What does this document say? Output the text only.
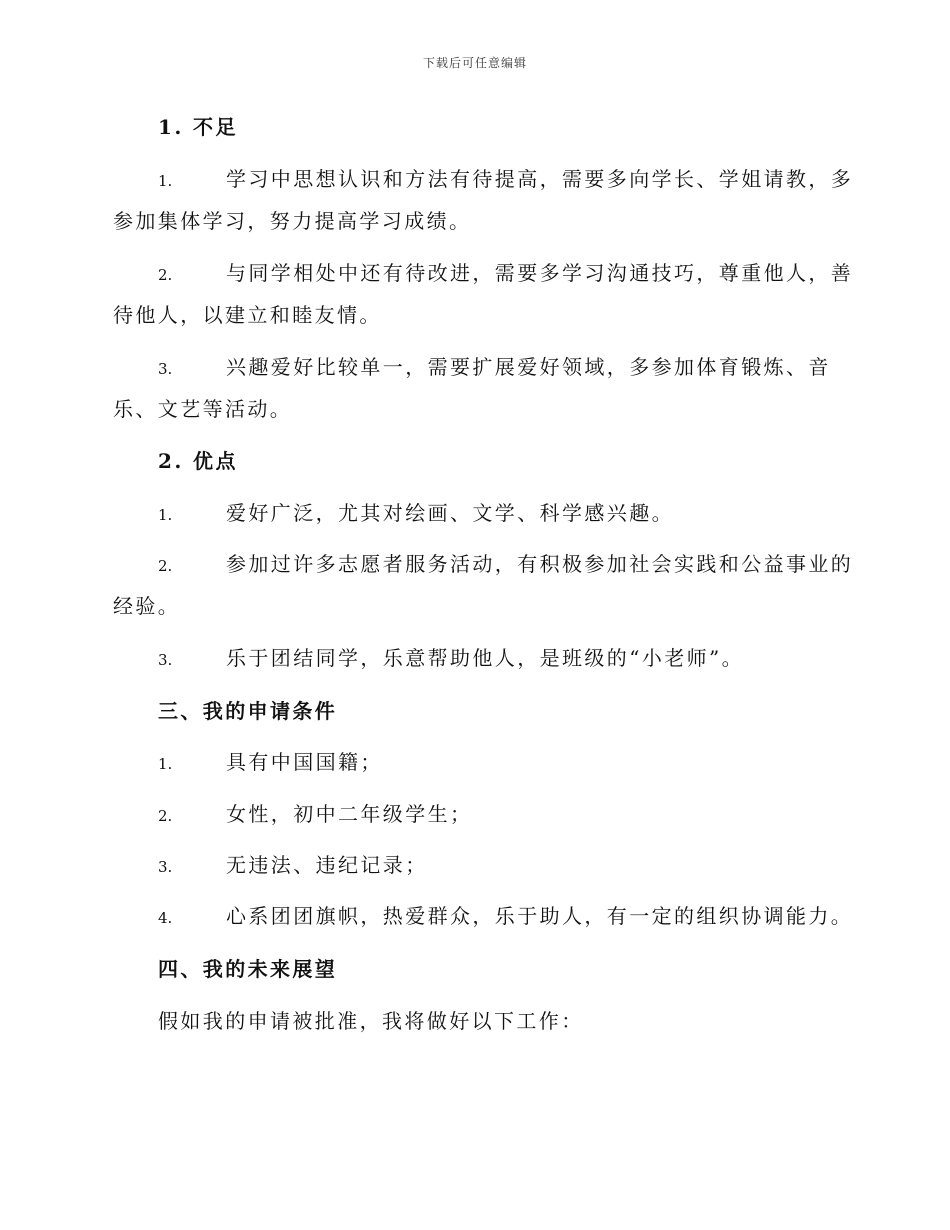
下载后可任意编辑
1. 不足
1.	学习中思想认识和方法有待提高，需要多向学长、学姐请教，多
参加集体学习，努力提高学习成绩。
2.	与同学相处中还有待改进，需要多学习沟通技巧，尊重他人，善
待他人，以建立和睦友情。
3.	兴趣爱好比较单一，需要扩展爱好领域，多参加体育锻炼、音
乐、文艺等活动。
2. 优点
1.	爱好广泛，尤其对绘画、文学、科学感兴趣。
2.	参加过许多志愿者服务活动，有积极参加社会实践和公益事业的
经验。
3.	乐于团结同学，乐意帮助他人，是班级的“小老师”。
三、我的申请条件
1.	具有中国国籍；
2.	女性，初中二年级学生；
3.	无违法、违纪记录；
4.	心系团团旗帜，热爱群众，乐于助人，有一定的组织协调能力。
四、我的未来展望
假如我的申请被批准，我将做好以下工作：
